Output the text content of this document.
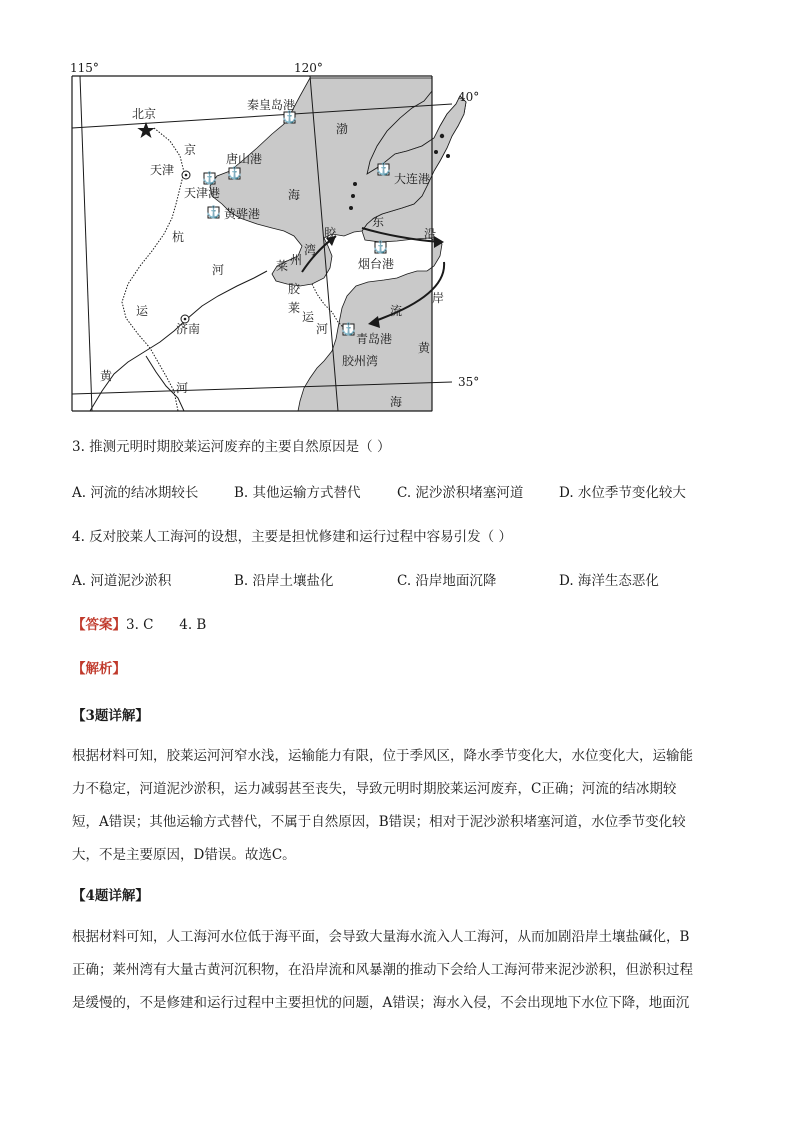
⚓
⚓
⚓
⚓
⚓
⚓
⚓
115°	120°
40°
35°
北京
天津
济南
秦皇岛港
唐山港
天津港
黄骅港
大连港
烟台港
青岛港
胶州湾
京
杭
运
河
胶
莱
运
河
渤
海
莱 州
湾
胶
东
沿
岸
流
黄
海
黄
河
3. 推测元明时期胶莱运河废弃的主要自然原因是（ ）
A. 河流的结冰期较长	B. 其他运输方式替代	C. 泥沙淤积堵塞河道	D. 水位季节变化较大
4. 反对胶莱人工海河的设想，主要是担忧修建和运行过程中容易引发（ ）
A. 河道泥沙淤积	B. 沿岸土壤盐化	C. 沿岸地面沉降	D. 海洋生态恶化
【答案】3. C      4. B
【解析】
【3题详解】

根据材料可知，胶莱运河河窄水浅，运输能力有限，位于季风区，降水季节变化大，水位变化大，运输能

力不稳定，河道泥沙淤积，运力减弱甚至丧失，导致元明时期胶莱运河废弃，C正确；河流的结冰期较

短，A错误；其他运输方式替代，不属于自然原因，B错误；相对于泥沙淤积堵塞河道，水位季节变化较

大，不是主要原因，D错误。故选C。

【4题详解】

根据材料可知，人工海河水位低于海平面，会导致大量海水流入人工海河，从而加剧沿岸土壤盐碱化，B

正确；莱州湾有大量古黄河沉积物，在沿岸流和风暴潮的推动下会给人工海河带来泥沙淤积，但淤积过程

是缓慢的，不是修建和运行过程中主要担忧的问题，A错误；海水入侵，不会出现地下水位下降，地面沉
